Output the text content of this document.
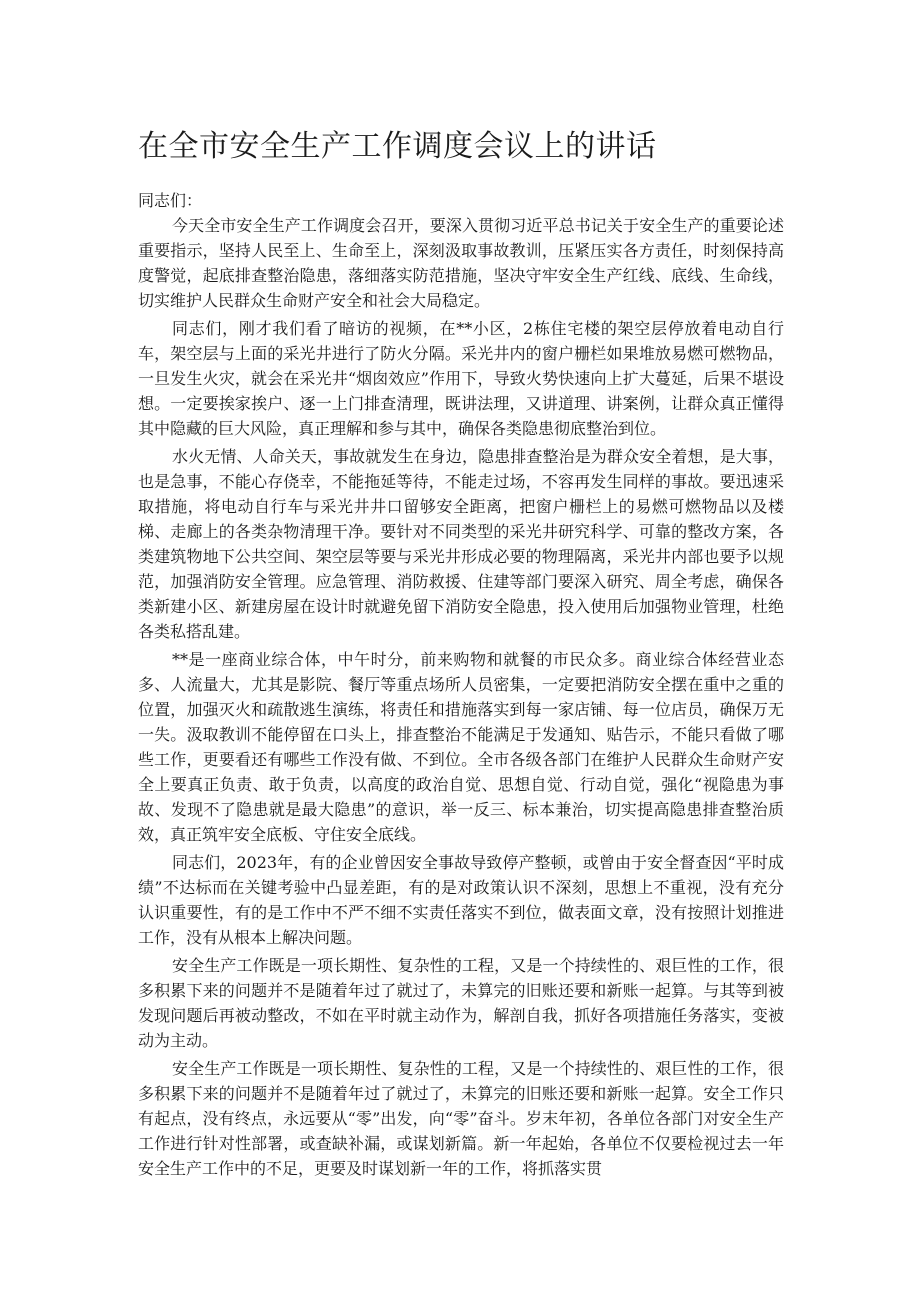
在全市安全生产工作调度会议上的讲话

同志们：

今天全市安全生产工作调度会召开，要深入贯彻习近平总书记关于安全生产的重要论述重要指示，坚持人民至上、生命至上，深刻汲取事故教训，压紧压实各方责任，时刻保持高度警觉，起底排查整治隐患，落细落实防范措施，坚决守牢安全生产红线、底线、生命线，切实维护人民群众生命财产安全和社会大局稳定。

同志们，刚才我们看了暗访的视频，在**小区，2栋住宅楼的架空层停放着电动自行车，架空层与上面的采光井进行了防火分隔。采光井内的窗户栅栏如果堆放易燃可燃物品，一旦发生火灾，就会在采光井“烟囱效应”作用下，导致火势快速向上扩大蔓延，后果不堪设想。一定要挨家挨户、逐一上门排查清理，既讲法理，又讲道理、讲案例，让群众真正懂得其中隐藏的巨大风险，真正理解和参与其中，确保各类隐患彻底整治到位。

水火无情、人命关天，事故就发生在身边，隐患排查整治是为群众安全着想，是大事，也是急事，不能心存侥幸，不能拖延等待，不能走过场，不容再发生同样的事故。要迅速采取措施，将电动自行车与采光井井口留够安全距离，把窗户栅栏上的易燃可燃物品以及楼梯、走廊上的各类杂物清理干净。要针对不同类型的采光井研究科学、可靠的整改方案，各类建筑物地下公共空间、架空层等要与采光井形成必要的物理隔离，采光井内部也要予以规范，加强消防安全管理。应急管理、消防救援、住建等部门要深入研究、周全考虑，确保各类新建小区、新建房屋在设计时就避免留下消防安全隐患，投入使用后加强物业管理，杜绝各类私搭乱建。

**是一座商业综合体，中午时分，前来购物和就餐的市民众多。商业综合体经营业态多、人流量大，尤其是影院、餐厅等重点场所人员密集，一定要把消防安全摆在重中之重的位置，加强灭火和疏散逃生演练，将责任和措施落实到每一家店铺、每一位店员，确保万无一失。汲取教训不能停留在口头上，排查整治不能满足于发通知、贴告示，不能只看做了哪些工作，更要看还有哪些工作没有做、不到位。全市各级各部门在维护人民群众生命财产安全上要真正负责、敢于负责，以高度的政治自觉、思想自觉、行动自觉，强化“视隐患为事故、发现不了隐患就是最大隐患”的意识，举一反三、标本兼治，切实提高隐患排查整治质效，真正筑牢安全底板、守住安全底线。

同志们，2023年，有的企业曾因安全事故导致停产整顿，或曾由于安全督查因“平时成绩”不达标而在关键考验中凸显差距，有的是对政策认识不深刻，思想上不重视，没有充分认识重要性，有的是工作中不严不细不实责任落实不到位，做表面文章，没有按照计划推进工作，没有从根本上解决问题。

安全生产工作既是一项长期性、复杂性的工程，又是一个持续性的、艰巨性的工作，很多积累下来的问题并不是随着年过了就过了，未算完的旧账还要和新账一起算。与其等到被发现问题后再被动整改，不如在平时就主动作为，解剖自我，抓好各项措施任务落实，变被动为主动。

安全生产工作既是一项长期性、复杂性的工程，又是一个持续性的、艰巨性的工作，很多积累下来的问题并不是随着年过了就过了，未算完的旧账还要和新账一起算。安全工作只有起点，没有终点，永远要从“零”出发，向“零”奋斗。岁末年初，各单位各部门对安全生产工作进行针对性部署，或查缺补漏，或谋划新篇。新一年起始，各单位不仅要检视过去一年安全生产工作中的不足，更要及时谋划新一年的工作，将抓落实贯
